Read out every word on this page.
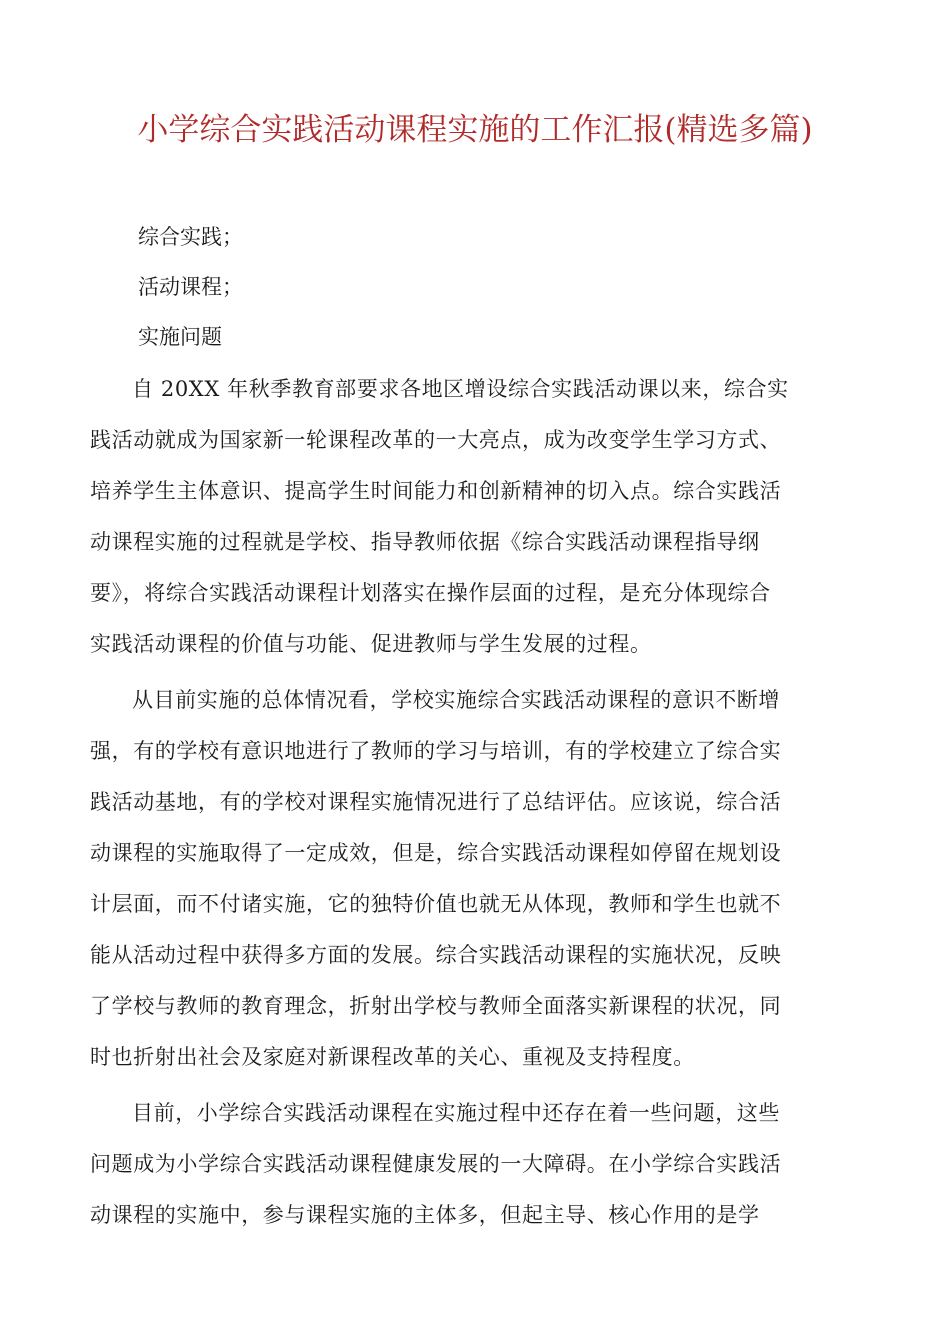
小学综合实践活动课程实施的工作汇报(精选多篇)
综合实践；
活动课程；
实施问题

自 20XX 年秋季教育部要求各地区增设综合实践活动课以来，综合实
践活动就成为国家新一轮课程改革的一大亮点，成为改变学生学习方式、
培养学生主体意识、提高学生时间能力和创新精神的切入点。综合实践活
动课程实施的过程就是学校、指导教师依据《综合实践活动课程指导纲
要》，将综合实践活动课程计划落实在操作层面的过程，是充分体现综合
实践活动课程的价值与功能、促进教师与学生发展的过程。

从目前实施的总体情况看，学校实施综合实践活动课程的意识不断增
强，有的学校有意识地进行了教师的学习与培训，有的学校建立了综合实
践活动基地，有的学校对课程实施情况进行了总结评估。应该说，综合活
动课程的实施取得了一定成效，但是，综合实践活动课程如停留在规划设
计层面，而不付诸实施，它的独特价值也就无从体现，教师和学生也就不
能从活动过程中获得多方面的发展。综合实践活动课程的实施状况，反映
了学校与教师的教育理念，折射出学校与教师全面落实新课程的状况，同
时也折射出社会及家庭对新课程改革的关心、重视及支持程度。

目前，小学综合实践活动课程在实施过程中还存在着一些问题，这些
问题成为小学综合实践活动课程健康发展的一大障碍。在小学综合实践活
动课程的实施中，参与课程实施的主体多，但起主导、核心作用的是学
